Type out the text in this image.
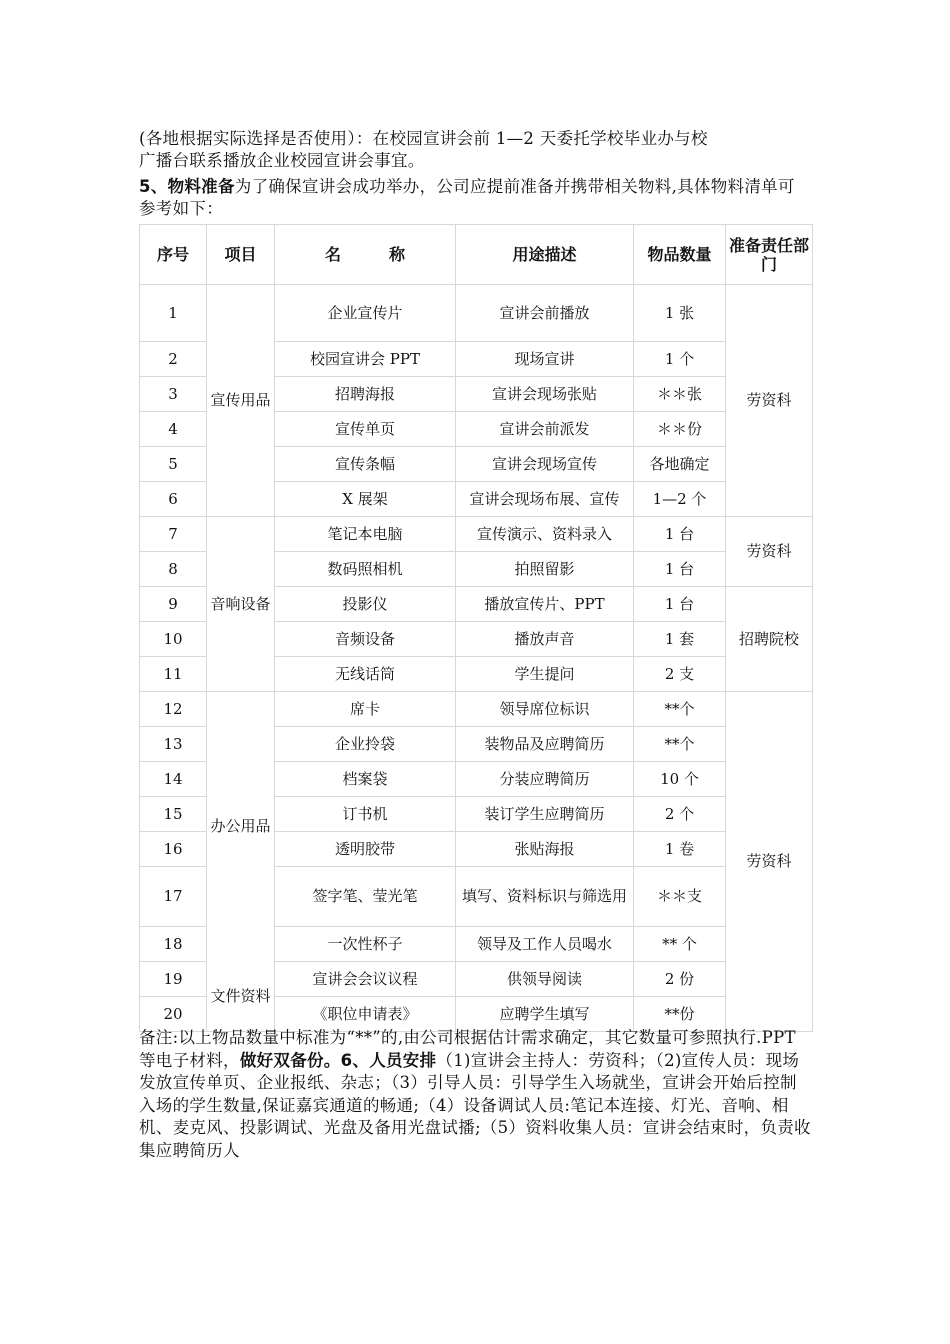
(各地根据实际选择是否使用）：在校园宣讲会前 1—2 天委托学校毕业办与校
广播台联系播放企业校园宣讲会事宜。
5、物料准备为了确保宣讲会成功举办，公司应提前准备并携带相关物料,具体物料清单可参考如下：
序号	项目	名　　　称	用途描述	物品数量	准备责任部门
1	宣传用品	企业宣传片	宣讲会前播放	1 张	劳资科
2		校园宣讲会 PPT	现场宣讲	1 个	
3		招聘海报	宣讲会现场张贴	＊＊张	
4		宣传单页	宣讲会前派发	＊＊份	
5		宣传条幅	宣讲会现场宣传	各地确定	
6		X 展架	宣讲会现场布展、宣传	1—2 个	
7	音响设备	笔记本电脑	宣传演示、资料录入	1 台	劳资科
8		数码照相机	拍照留影	1 台	
9		投影仪	播放宣传片、PPT	1 台	招聘院校
10		音频设备	播放声音	1 套	
11		无线话筒	学生提问	2 支	
12	办公用品	席卡	领导席位标识	**个	劳资科
13		企业拎袋	装物品及应聘简历	**个	
14		档案袋	分装应聘简历	10 个	
15		订书机	装订学生应聘简历	2 个	
16		透明胶带	张贴海报	1 卷	
17		签字笔、莹光笔	填写、资料标识与筛选用	＊＊支	
18		一次性杯子	领导及工作人员喝水	** 个	
19	文件资料	宣讲会会议议程	供领导阅读	2 份	
20		《职位申请表》	应聘学生填写	**份	
备注:以上物品数量中标准为“**”的,由公司根据估计需求确定，其它数量可参照执行.PPT 等电子材料，做好双备份。6、人员安排（1)宣讲会主持人：劳资科；（2)宣传人员：现场发放宣传单页、企业报纸、杂志；（3）引导人员：引导学生入场就坐，宣讲会开始后控制入场的学生数量,保证嘉宾通道的畅通;（4）设备调试人员:笔记本连接、灯光、音响、相机、麦克风、投影调试、光盘及备用光盘试播;（5）资料收集人员：宣讲会结束时，负责收集应聘简历人
